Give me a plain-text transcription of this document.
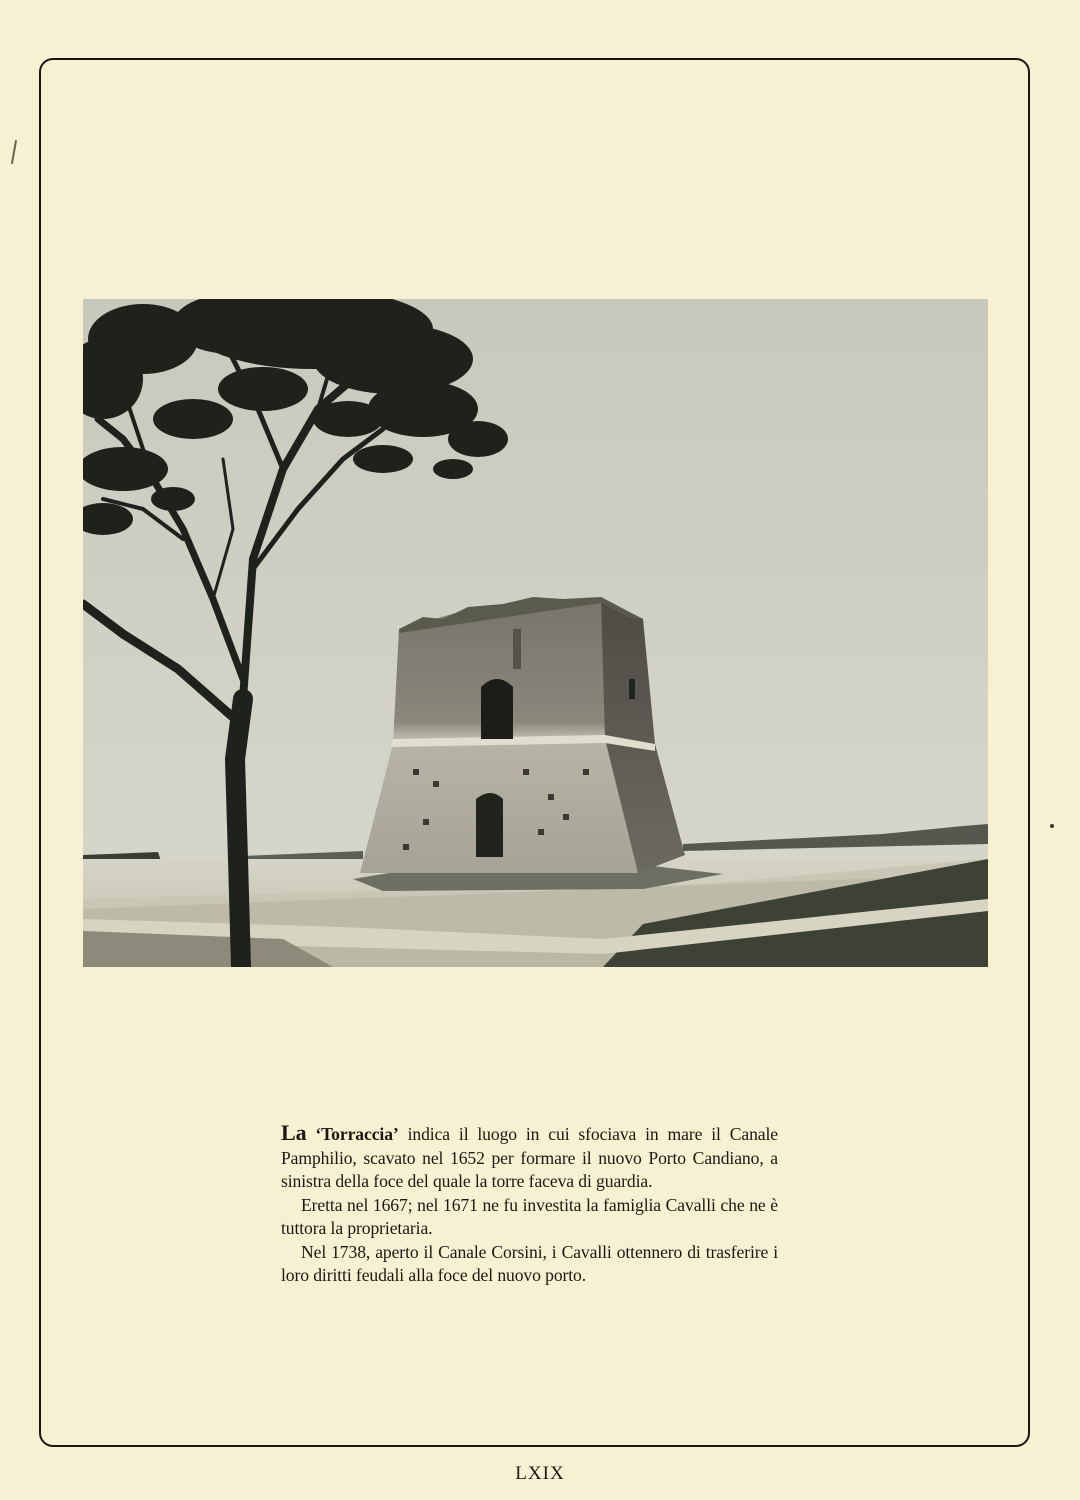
La ‘Torraccia’ indica il luogo in cui sfociava in mare il Canale Pamphilio, scavato nel 1652 per formare il nuovo Porto Candiano, a sinistra della foce del quale la torre faceva di guardia.

Eretta nel 1667; nel 1671 ne fu investita la famiglia Cavalli che ne è tuttora la proprietaria.

Nel 1738, aperto il Canale Corsini, i Cavalli ottennero di trasferire i loro diritti feudali alla foce del nuovo porto.

LXIX
